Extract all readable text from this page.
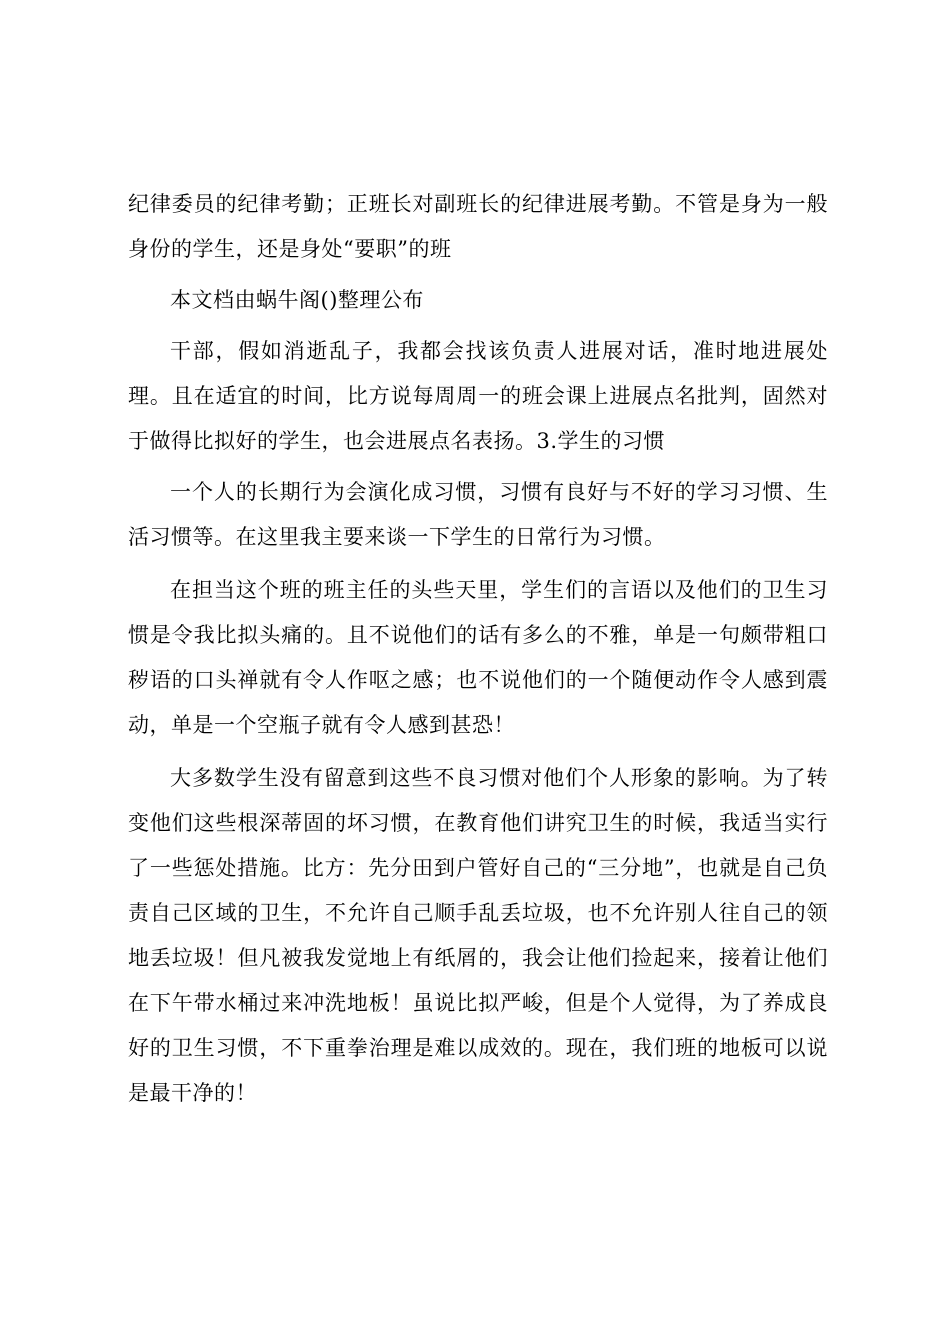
纪律委员的纪律考勤；正班长对副班长的纪律进展考勤。不管是身为一般身份的学生，还是身处“要职”的班

本文档由蜗牛阁()整理公布

干部，假如消逝乱子，我都会找该负责人进展对话，准时地进展处理。且在适宜的时间，比方说每周周一的班会课上进展点名批判，固然对于做得比拟好的学生，也会进展点名表扬。3.学生的习惯

一个人的长期行为会演化成习惯，习惯有良好与不好的学习习惯、生活习惯等。在这里我主要来谈一下学生的日常行为习惯。

在担当这个班的班主任的头些天里，学生们的言语以及他们的卫生习惯是令我比拟头痛的。且不说他们的话有多么的不雅，单是一句颇带粗口秽语的口头禅就有令人作呕之感；也不说他们的一个随便动作令人感到震动，单是一个空瓶子就有令人感到甚恐！

大多数学生没有留意到这些不良习惯对他们个人形象的影响。为了转变他们这些根深蒂固的坏习惯，在教育他们讲究卫生的时候，我适当实行了一些惩处措施。比方：先分田到户管好自己的“三分地”，也就是自己负责自己区域的卫生，不允许自己顺手乱丢垃圾，也不允许别人往自己的领地丢垃圾！但凡被我发觉地上有纸屑的，我会让他们捡起来，接着让他们在下午带水桶过来冲洗地板！虽说比拟严峻，但是个人觉得，为了养成良好的卫生习惯，不下重拳治理是难以成效的。现在，我们班的地板可以说是最干净的！
